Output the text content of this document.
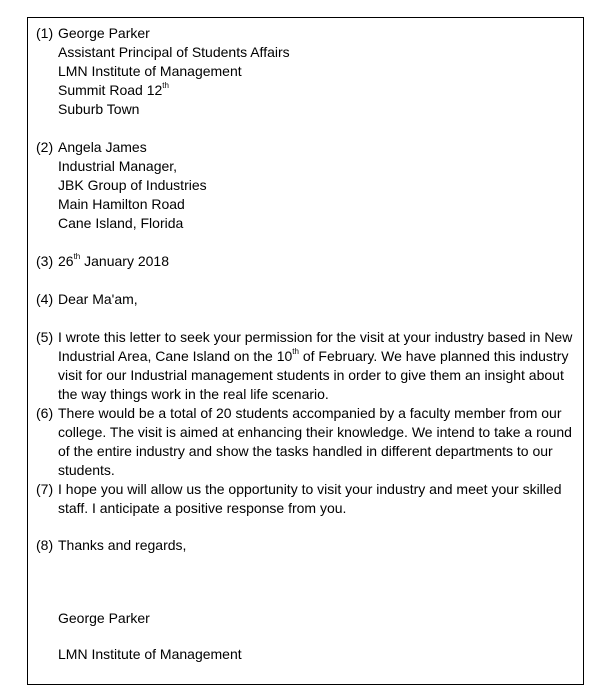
(1) George Parker
Assistant Principal of Students Affairs
LMN Institute of Management
Summit Road 12th
Suburb Town
(2) Angela James
Industrial Manager,
JBK Group of Industries
Main Hamilton Road
Cane Island, Florida
(3) 26th January 2018
(4) Dear Ma'am,
(5) I wrote this letter to seek your permission for the visit at your industry based in New Industrial Area, Cane Island on the 10th of February. We have planned this industry visit for our Industrial management students in order to give them an insight about the way things work in the real life scenario.
(6) There would be a total of 20 students accompanied by a faculty member from our college. The visit is aimed at enhancing their knowledge. We intend to take a round of the entire industry and show the tasks handled in different departments to our students.
(7) I hope you will allow us the opportunity to visit your industry and meet your skilled staff. I anticipate a positive response from you.
(8) Thanks and regards,
George Parker
LMN Institute of Management
